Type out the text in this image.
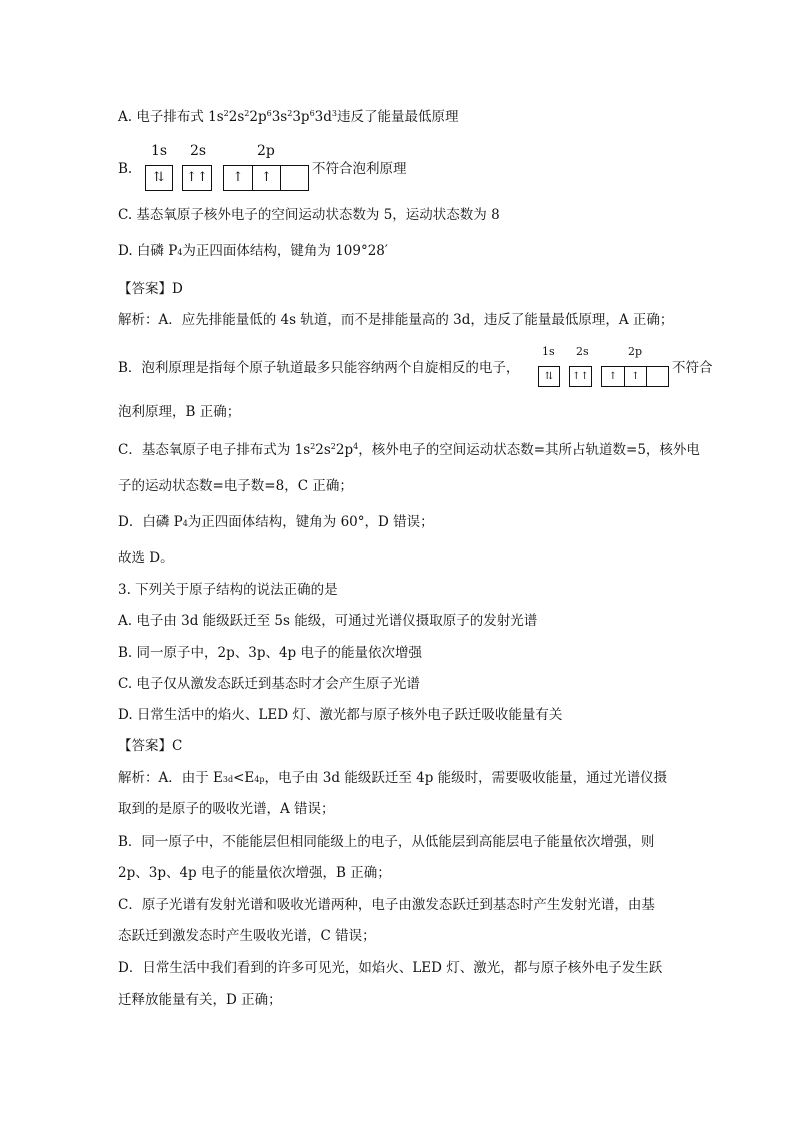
A. 电子排布式 $1s^22s^22p^63s^23p^63d^3$违反了能量最低原理
B.
1s 2s	2p
⇅	↑↑	↑	↑
不符合泡利原理
C. 基态氧原子核外电子的空间运动状态数为 5，运动状态数为 8
D. 白磷 $P_4$为正四面体结构，键角为 109°28′
【答案】D
解析：A．应先排能量低的 4s 轨道，而不是排能量高的 3d，违反了能量最低原理，A 正确；
B．泡利原理是指每个原子轨道最多只能容纳两个自旋相反的电子，
1s 2s	2p
⇅	↑↑	↑	↑
不符合
泡利原理，B 正确；
C．基态氧原子电子排布式为 $1s^22s^22p^4$，核外电子的空间运动状态数=其所占轨道数=5，核外电
子的运动状态数=电子数=8，C 正确；
D．白磷 $P_4$为正四面体结构，键角为 60°，D 错误；
故选 D。
3. 下列关于原子结构的说法正确的是
A. 电子由 3d 能级跃迁至 5s 能级，可通过光谱仪摄取原子的发射光谱
B. 同一原子中，2p、3p、4p 电子的能量依次增强
C. 电子仅从激发态跃迁到基态时才会产生原子光谱
D. 日常生活中的焰火、LED 灯、激光都与原子核外电子跃迁吸收能量有关
【答案】C
解析：A．由于 $E_{3d}<E_{4p}$，电子由 3d 能级跃迁至 4p 能级时，需要吸收能量，通过光谱仪摄
取到的是原子的吸收光谱，A 错误；
B．同一原子中，不能能层但相同能级上的电子，从低能层到高能层电子能量依次增强，则
2p、3p、4p 电子的能量依次增强，B 正确；
C．原子光谱有发射光谱和吸收光谱两种，电子由激发态跃迁到基态时产生发射光谱，由基
态跃迁到激发态时产生吸收光谱，C 错误；
D．日常生活中我们看到的许多可见光，如焰火、LED 灯、激光，都与原子核外电子发生跃
迁释放能量有关，D 正确；
